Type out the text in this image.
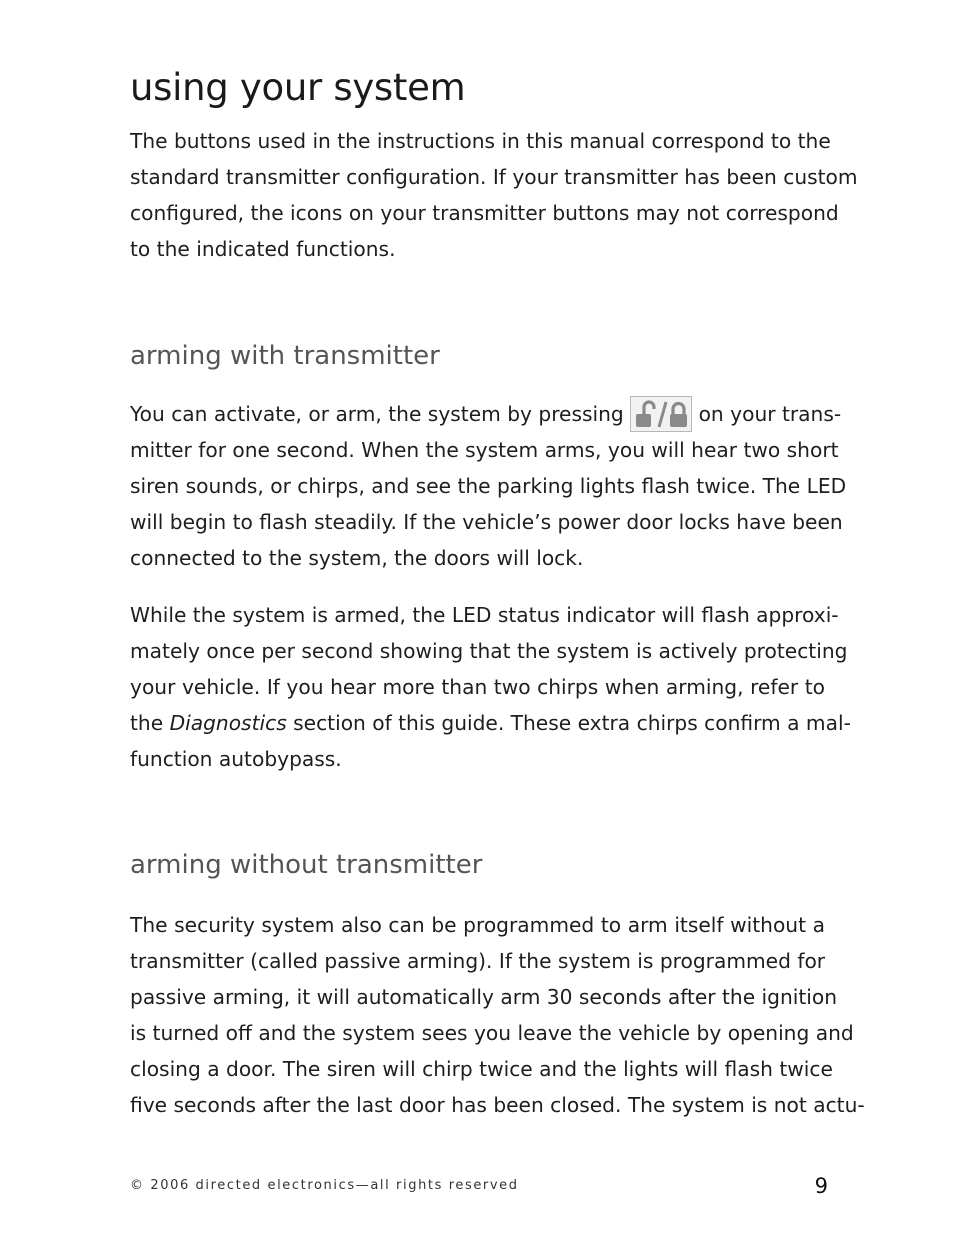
using your system
The buttons used in the instructions in this manual correspond to the
standard transmitter configuration. If your transmitter has been custom
configured, the icons on your transmitter buttons may not correspond
to the indicated functions.
arming with transmitter
You can activate, or arm, the system by pressing	on your trans-
mitter for one second. When the system arms, you will hear two short
siren sounds, or chirps, and see the parking lights flash twice. The LED
will begin to flash steadily. If the vehicle’s power door locks have been
connected to the system, the doors will lock.
While the system is armed, the LED status indicator will flash approxi-
mately once per second showing that the system is actively protecting
your vehicle. If you hear more than two chirps when arming, refer to
the Diagnostics section of this guide. These extra chirps confirm a mal-
function autobypass.
arming without transmitter
The security system also can be programmed to arm itself without a
transmitter (called passive arming). If the system is programmed for
passive arming, it will automatically arm 30 seconds after the ignition
is turned off and the system sees you leave the vehicle by opening and
closing a door. The siren will chirp twice and the lights will flash twice
five seconds after the last door has been closed. The system is not actu-
© 2006 directed electronics—all rights reserved	9
